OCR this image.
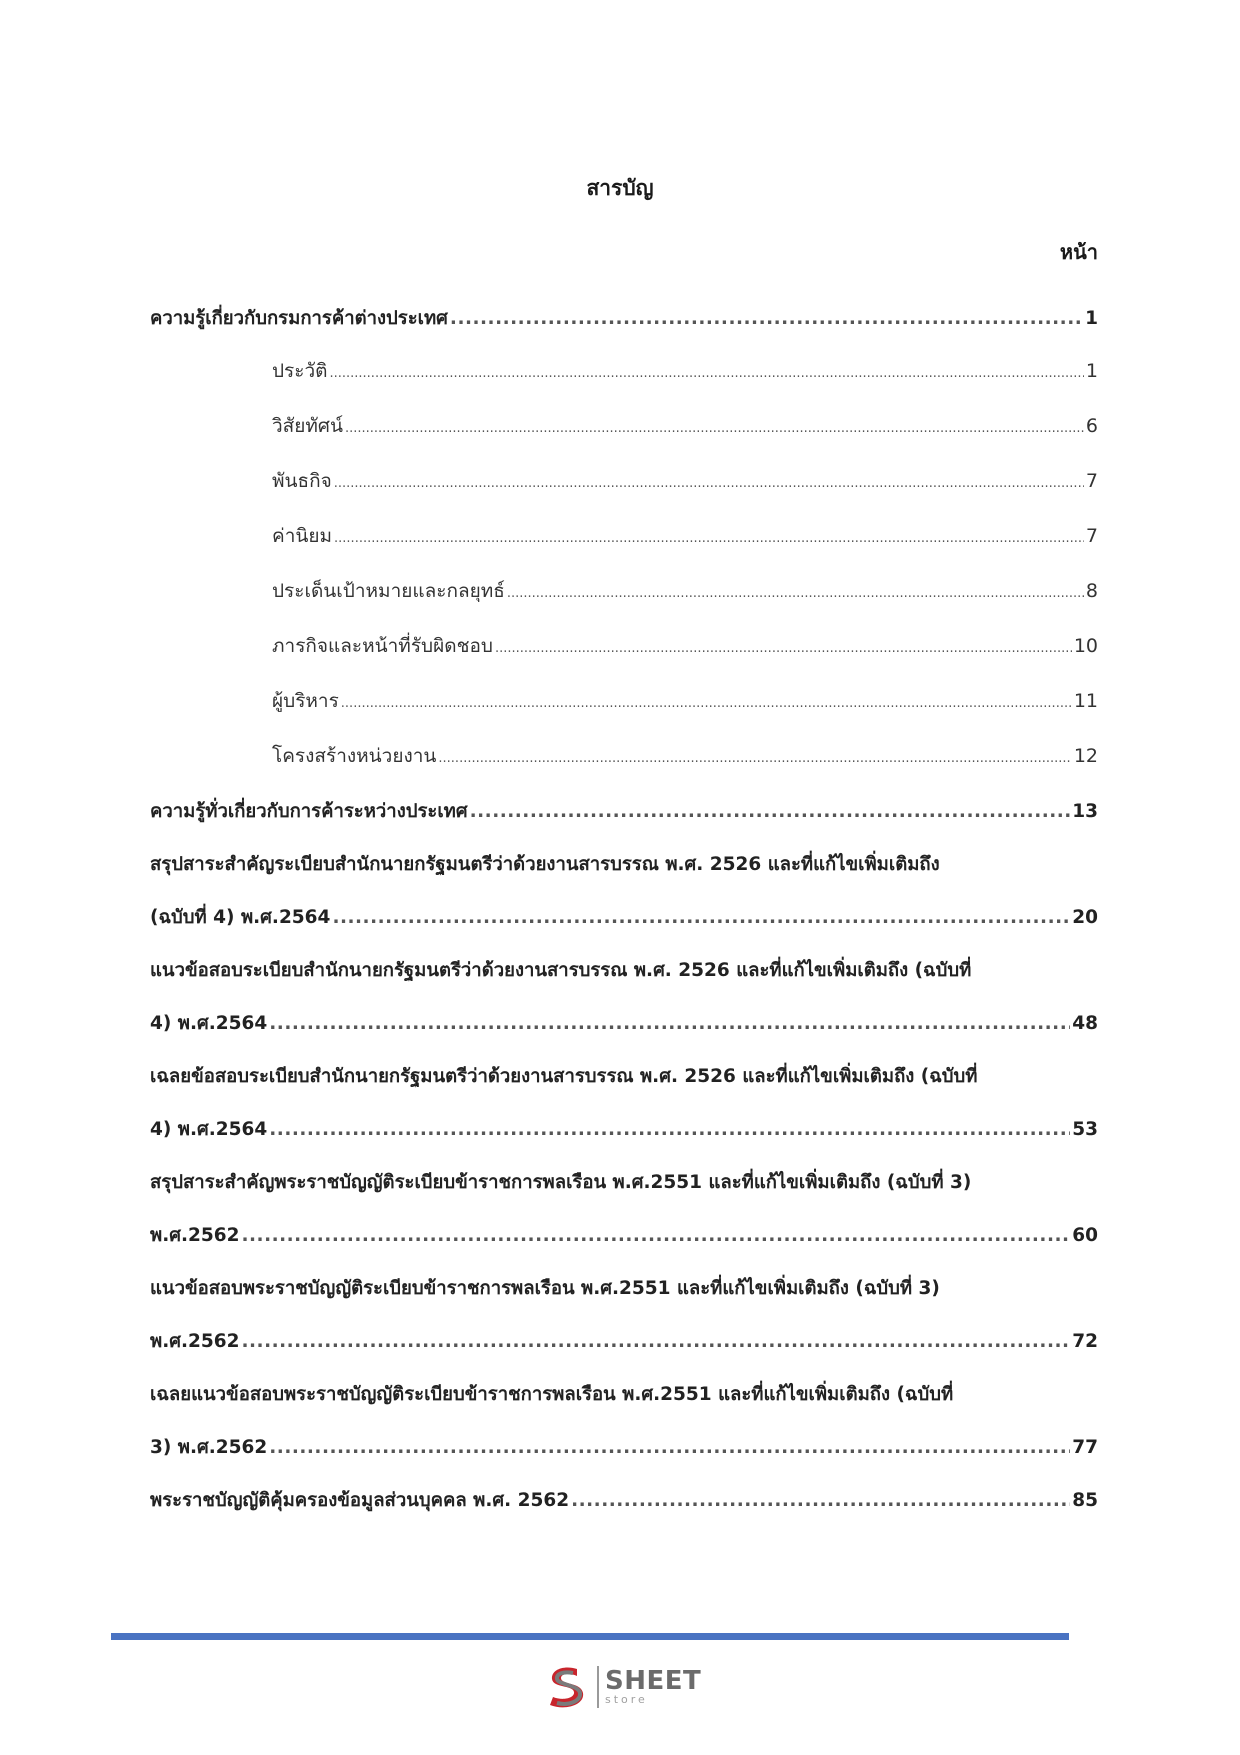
สารบัญ
หน้า
ความรู้เกี่ยวกับกรมการค้าต่างประเทศ .....	1
ประวัติ .....	1
วิสัยทัศน์ .....	6
พันธกิจ .....	7
ค่านิยม .....	7
ประเด็นเป้าหมายและกลยุทธ์ .....	8
ภารกิจและหน้าที่รับผิดชอบ .....	10
ผู้บริหาร .....	11
โครงสร้างหน่วยงาน .....	12
ความรู้ทั่วเกี่ยวกับการค้าระหว่างประเทศ .....	13
สรุปสาระสำคัญระเบียบสำนักนายกรัฐมนตรีว่าด้วยงานสารบรรณ พ.ศ. 2526 และที่แก้ไขเพิ่มเติมถึง
(ฉบับที่ 4) พ.ศ.2564 .....	20
แนวข้อสอบระเบียบสำนักนายกรัฐมนตรีว่าด้วยงานสารบรรณ พ.ศ. 2526 และที่แก้ไขเพิ่มเติมถึง (ฉบับที่
4) พ.ศ.2564 .....	48
เฉลยข้อสอบระเบียบสำนักนายกรัฐมนตรีว่าด้วยงานสารบรรณ พ.ศ. 2526 และที่แก้ไขเพิ่มเติมถึง (ฉบับที่
4) พ.ศ.2564 .....	53
สรุปสาระสำคัญพระราชบัญญัติระเบียบข้าราชการพลเรือน พ.ศ.2551 และที่แก้ไขเพิ่มเติมถึง (ฉบับที่ 3)
พ.ศ.2562 .....	60
แนวข้อสอบพระราชบัญญัติระเบียบข้าราชการพลเรือน พ.ศ.2551 และที่แก้ไขเพิ่มเติมถึง (ฉบับที่ 3)
พ.ศ.2562 .....	72
เฉลยแนวข้อสอบพระราชบัญญัติระเบียบข้าราชการพลเรือน พ.ศ.2551 และที่แก้ไขเพิ่มเติมถึง (ฉบับที่
3) พ.ศ.2562 .....	77
พระราชบัญญัติคุ้มครองข้อมูลส่วนบุคคล พ.ศ. 2562 .....	85
SHEET
store
